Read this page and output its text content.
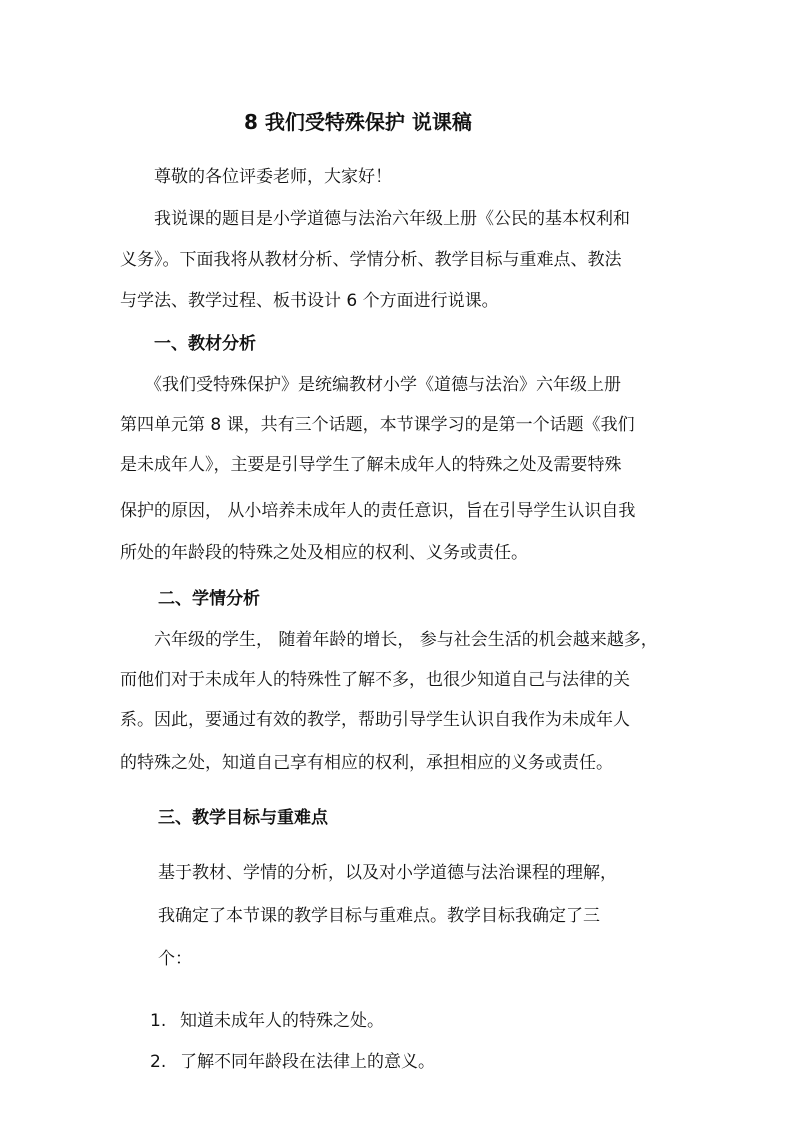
8 我们受特殊保护 说课稿
尊敬的各位评委老师，大家好！
我说课的题目是小学道德与法治六年级上册《公民的基本权利和
义务》。下面我将从教材分析、学情分析、教学目标与重难点、教法
与学法、教学过程、板书设计 6 个方面进行说课。
一、教材分析
《我们受特殊保护》是统编教材小学《道德与法治》六年级上册
第四单元第 8 课，共有三个话题，本节课学习的是第一个话题《我们
是未成年人》，主要是引导学生了解未成年人的特殊之处及需要特殊
保护的原因， 从小培养未成年人的责任意识，旨在引导学生认识自我
所处的年龄段的特殊之处及相应的权利、义务或责任。
二、学情分析
六年级的学生， 随着年龄的增长， 参与社会生活的机会越来越多，
而他们对于未成年人的特殊性了解不多，也很少知道自己与法律的关
系。因此，要通过有效的教学，帮助引导学生认识自我作为未成年人
的特殊之处，知道自己享有相应的权利，承担相应的义务或责任。
三、教学目标与重难点
基于教材、学情的分析，以及对小学道德与法治课程的理解，
我确定了本节课的教学目标与重难点。教学目标我确定了三
个：
1. 知道未成年人的特殊之处。
2. 了解不同年龄段在法律上的意义。
